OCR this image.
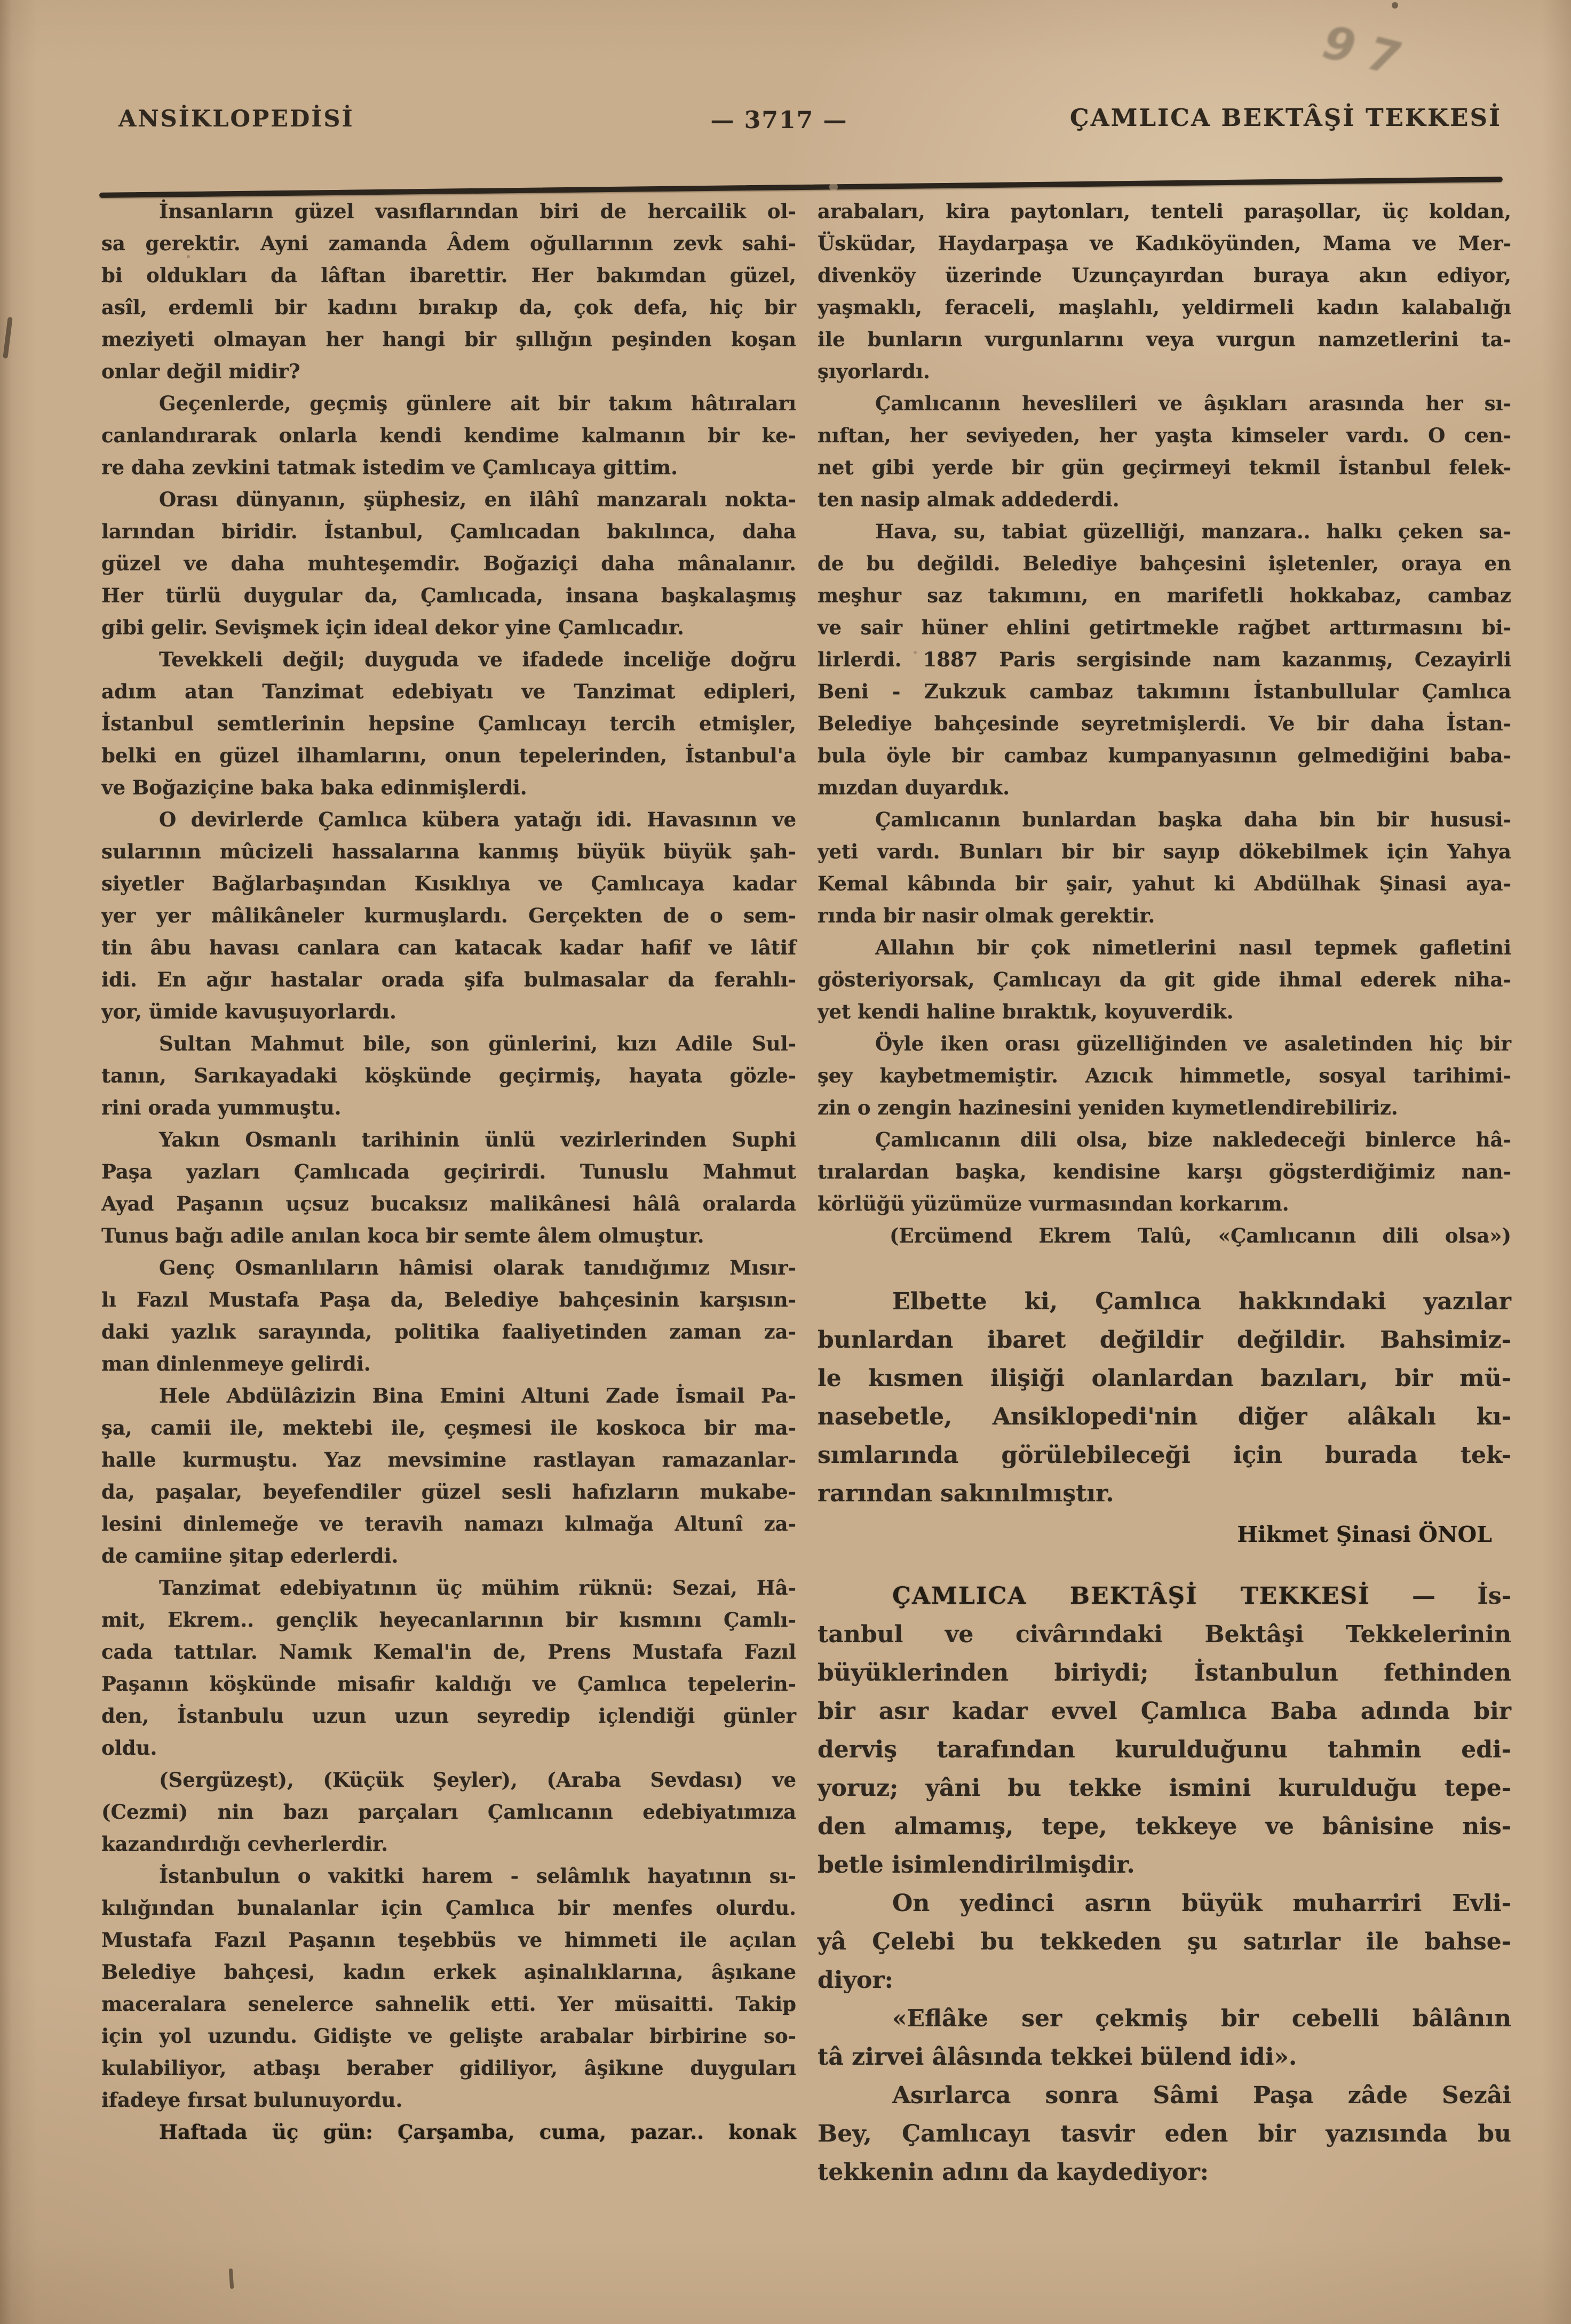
97
ANSİKLOPEDİSİ	— 3717 —	ÇAMLICA BEKTÂŞİ TEKKESİ
İnsanların güzel vasıflarından biri de hercailik ol-
sa gerektir. Ayni zamanda Âdem oğullarının zevk sahi-
bi oldukları da lâftan ibarettir. Her bakımdan güzel,
asîl, erdemli bir kadını bırakıp da, çok defa, hiç bir
meziyeti olmayan her hangi bir şıllığın peşinden koşan
onlar değil midir?
Geçenlerde, geçmiş günlere ait bir takım hâtıraları
canlandırarak onlarla kendi kendime kalmanın bir ke-
re daha zevkini tatmak istedim ve Çamlıcaya gittim.
Orası dünyanın, şüphesiz, en ilâhî manzaralı nokta-
larından biridir. İstanbul, Çamlıcadan bakılınca, daha
güzel ve daha muhteşemdir. Boğaziçi daha mânalanır.
Her türlü duygular da, Çamlıcada, insana başkalaşmış
gibi gelir. Sevişmek için ideal dekor yine Çamlıcadır.
Tevekkeli değil; duyguda ve ifadede inceliğe doğru
adım atan Tanzimat edebiyatı ve Tanzimat edipleri,
İstanbul semtlerinin hepsine Çamlıcayı tercih etmişler,
belki en güzel ilhamlarını, onun tepelerinden, İstanbul'a
ve Boğaziçine baka baka edinmişlerdi.
O devirlerde Çamlıca kübera yatağı idi. Havasının ve
sularının mûcizeli hassalarına kanmış büyük büyük şah-
siyetler Bağlarbaşından Kısıklıya ve Çamlıcaya kadar
yer yer mâlikâneler kurmuşlardı. Gerçekten de o sem-
tin âbu havası canlara can katacak kadar hafif ve lâtif
idi. En ağır hastalar orada şifa bulmasalar da ferahlı-
yor, ümide kavuşuyorlardı.
Sultan Mahmut bile, son günlerini, kızı Adile Sul-
tanın, Sarıkayadaki köşkünde geçirmiş, hayata gözle-
rini orada yummuştu.
Yakın Osmanlı tarihinin ünlü vezirlerinden Suphi
Paşa yazları Çamlıcada geçirirdi. Tunuslu Mahmut
Ayad Paşanın uçsuz bucaksız malikânesi hâlâ oralarda
Tunus bağı adile anılan koca bir semte âlem olmuştur.
Genç Osmanlıların hâmisi olarak tanıdığımız Mısır-
lı Fazıl Mustafa Paşa da, Belediye bahçesinin karşısın-
daki yazlık sarayında, politika faaliyetinden zaman za-
man dinlenmeye gelirdi.
Hele Abdülâzizin Bina Emini Altuni Zade İsmail Pa-
şa, camii ile, mektebi ile, çeşmesi ile koskoca bir ma-
halle kurmuştu. Yaz mevsimine rastlayan ramazanlar-
da, paşalar, beyefendiler güzel sesli hafızların mukabe-
lesini dinlemeğe ve teravih namazı kılmağa Altunî za-
de camiine şitap ederlerdi.
Tanzimat edebiyatının üç mühim rüknü: Sezai, Hâ-
mit, Ekrem.. gençlik heyecanlarının bir kısmını Çamlı-
cada tattılar. Namık Kemal'in de, Prens Mustafa Fazıl
Paşanın köşkünde misafir kaldığı ve Çamlıca tepelerin-
den, İstanbulu uzun uzun seyredip içlendiği günler
oldu.
(Sergüzeşt), (Küçük Şeyler), (Araba Sevdası) ve
(Cezmi) nin bazı parçaları Çamlıcanın edebiyatımıza
kazandırdığı cevherlerdir.
İstanbulun o vakitki harem - selâmlık hayatının sı-
kılığından bunalanlar için Çamlıca bir menfes olurdu.
Mustafa Fazıl Paşanın teşebbüs ve himmeti ile açılan
Belediye bahçesi, kadın erkek aşinalıklarına, âşıkane
maceralara senelerce sahnelik etti. Yer müsaitti. Takip
için yol uzundu. Gidişte ve gelişte arabalar birbirine so-
kulabiliyor, atbaşı beraber gidiliyor, âşikıne duyguları
ifadeye fırsat bulunuyordu.
Haftada üç gün: Çarşamba, cuma, pazar.. konak
arabaları, kira paytonları, tenteli paraşollar, üç koldan,
Üsküdar, Haydarpaşa ve Kadıköyünden, Mama ve Mer-
divenköy üzerinde Uzunçayırdan buraya akın ediyor,
yaşmaklı, feraceli, maşlahlı, yeldirmeli kadın kalabalığı
ile bunların vurgunlarını veya vurgun namzetlerini ta-
şıyorlardı.
Çamlıcanın heveslileri ve âşıkları arasında her sı-
nıftan, her seviyeden, her yaşta kimseler vardı. O cen-
net gibi yerde bir gün geçirmeyi tekmil İstanbul felek-
ten nasip almak addederdi.
Hava, su, tabiat güzelliği, manzara.. halkı çeken sa-
de bu değildi. Belediye bahçesini işletenler, oraya en
meşhur saz takımını, en marifetli hokkabaz, cambaz
ve sair hüner ehlini getirtmekle rağbet arttırmasını bi-
lirlerdi. 1887 Paris sergisinde nam kazanmış, Cezayirli
Beni - Zukzuk cambaz takımını İstanbullular Çamlıca
Belediye bahçesinde seyretmişlerdi. Ve bir daha İstan-
bula öyle bir cambaz kumpanyasının gelmediğini baba-
mızdan duyardık.
Çamlıcanın bunlardan başka daha bin bir hususi-
yeti vardı. Bunları bir bir sayıp dökebilmek için Yahya
Kemal kâbında bir şair, yahut ki Abdülhak Şinasi aya-
rında bir nasir olmak gerektir.
Allahın bir çok nimetlerini nasıl tepmek gafletini
gösteriyorsak, Çamlıcayı da git gide ihmal ederek niha-
yet kendi haline bıraktık, koyuverdik.
Öyle iken orası güzelliğinden ve asaletinden hiç bir
şey kaybetmemiştir. Azıcık himmetle, sosyal tarihimi-
zin o zengin hazinesini yeniden kıymetlendirebiliriz.
Çamlıcanın dili olsa, bize nakledeceği binlerce hâ-
tıralardan başka, kendisine karşı gögsterdiğimiz nan-
körlüğü yüzümüze vurmasından korkarım.
(Ercümend Ekrem Talû, «Çamlıcanın dili olsa»)
Elbette ki, Çamlıca hakkındaki yazılar
bunlardan ibaret değildir değildir. Bahsimiz-
le kısmen ilişiği olanlardan bazıları, bir mü-
nasebetle, Ansiklopedi'nin diğer alâkalı kı-
sımlarında görülebileceği için burada tek-
rarından sakınılmıştır.
Hikmet Şinasi ÖNOL
ÇAMLICA BEKTÂŞİ TEKKESİ — İs-
tanbul ve civârındaki Bektâşi Tekkelerinin
büyüklerinden biriydi; İstanbulun fethinden
bir asır kadar evvel Çamlıca Baba adında bir
derviş tarafından kurulduğunu tahmin edi-
yoruz; yâni bu tekke ismini kurulduğu tepe-
den almamış, tepe, tekkeye ve bânisine nis-
betle isimlendirilmişdir.
On yedinci asrın büyük muharriri Evli-
yâ Çelebi bu tekkeden şu satırlar ile bahse-
diyor:
«Eflâke ser çekmiş bir cebelli bâlânın
tâ zirvei âlâsında tekkei bülend idi».
Asırlarca sonra Sâmi Paşa zâde Sezâi
Bey, Çamlıcayı tasvir eden bir yazısında bu
tekkenin adını da kaydediyor:
